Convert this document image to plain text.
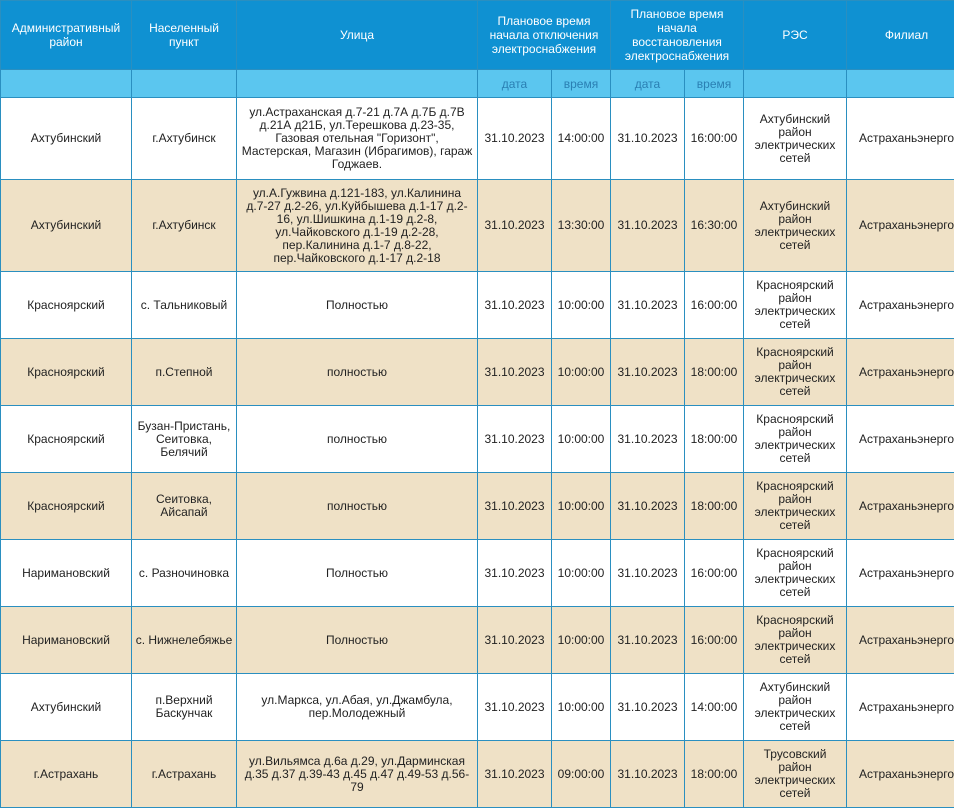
Административный район	Населенный пункт	Улица	Плановое время начала отключения электроснабжения		Плановое время начала восстановления электроснабжения		РЭС	Филиал
			дата	время	дата	время		
Ахтубинский	г.Ахтубинск	ул.Астраханская д.7-21 д.7А д.7Б д.7В д.21А д21Б, ул.Терешкова д.23-35, Газовая отельная "Горизонт", Мастерская, Магазин (Ибрагимов), гараж Годжаев.	31.10.2023	14:00:00	31.10.2023	16:00:00	Ахтубинский район электрических сетей	Астраханьэнерго
Ахтубинский	г.Ахтубинск	ул.А.Гужвина д.121-183, ул.Калинина д.7-27 д.2-26, ул.Куйбышева д.1-17 д.2-16, ул.Шишкина д.1-19 д.2-8, ул.Чайковского д.1-19 д.2-28, пер.Калинина д.1-7 д.8-22, пер.Чайковского д.1-17 д.2-18	31.10.2023	13:30:00	31.10.2023	16:30:00	Ахтубинский район электрических сетей	Астраханьэнерго
Красноярский	с. Тальниковый	Полностью	31.10.2023	10:00:00	31.10.2023	16:00:00	Красноярский район электрических сетей	Астраханьэнерго
Красноярский	п.Степной	полностью	31.10.2023	10:00:00	31.10.2023	18:00:00	Красноярский район электрических сетей	Астраханьэнерго
Красноярский	Бузан-Пристань, Сеитовка, Белячий	полностью	31.10.2023	10:00:00	31.10.2023	18:00:00	Красноярский район электрических сетей	Астраханьэнерго
Красноярский	Сеитовка, Айсапай	полностью	31.10.2023	10:00:00	31.10.2023	18:00:00	Красноярский район электрических сетей	Астраханьэнерго
Наримановский	с. Разночиновка	Полностью	31.10.2023	10:00:00	31.10.2023	16:00:00	Красноярский район электрических сетей	Астраханьэнерго
Наримановский	с. Нижнелебяжье	Полностью	31.10.2023	10:00:00	31.10.2023	16:00:00	Красноярский район электрических сетей	Астраханьэнерго
Ахтубинский	п.Верхний Баскунчак	ул.Маркса, ул.Абая, ул.Джамбула, пер.Молодежный	31.10.2023	10:00:00	31.10.2023	14:00:00	Ахтубинский район электрических сетей	Астраханьэнерго
г.Астрахань	г.Астрахань	ул.Вильямса д.6а д.29, ул.Дарминская д.35 д.37 д.39-43 д.45 д.47 д.49-53 д.56-79	31.10.2023	09:00:00	31.10.2023	18:00:00	Трусовский район электрических сетей	Астраханьэнерго
